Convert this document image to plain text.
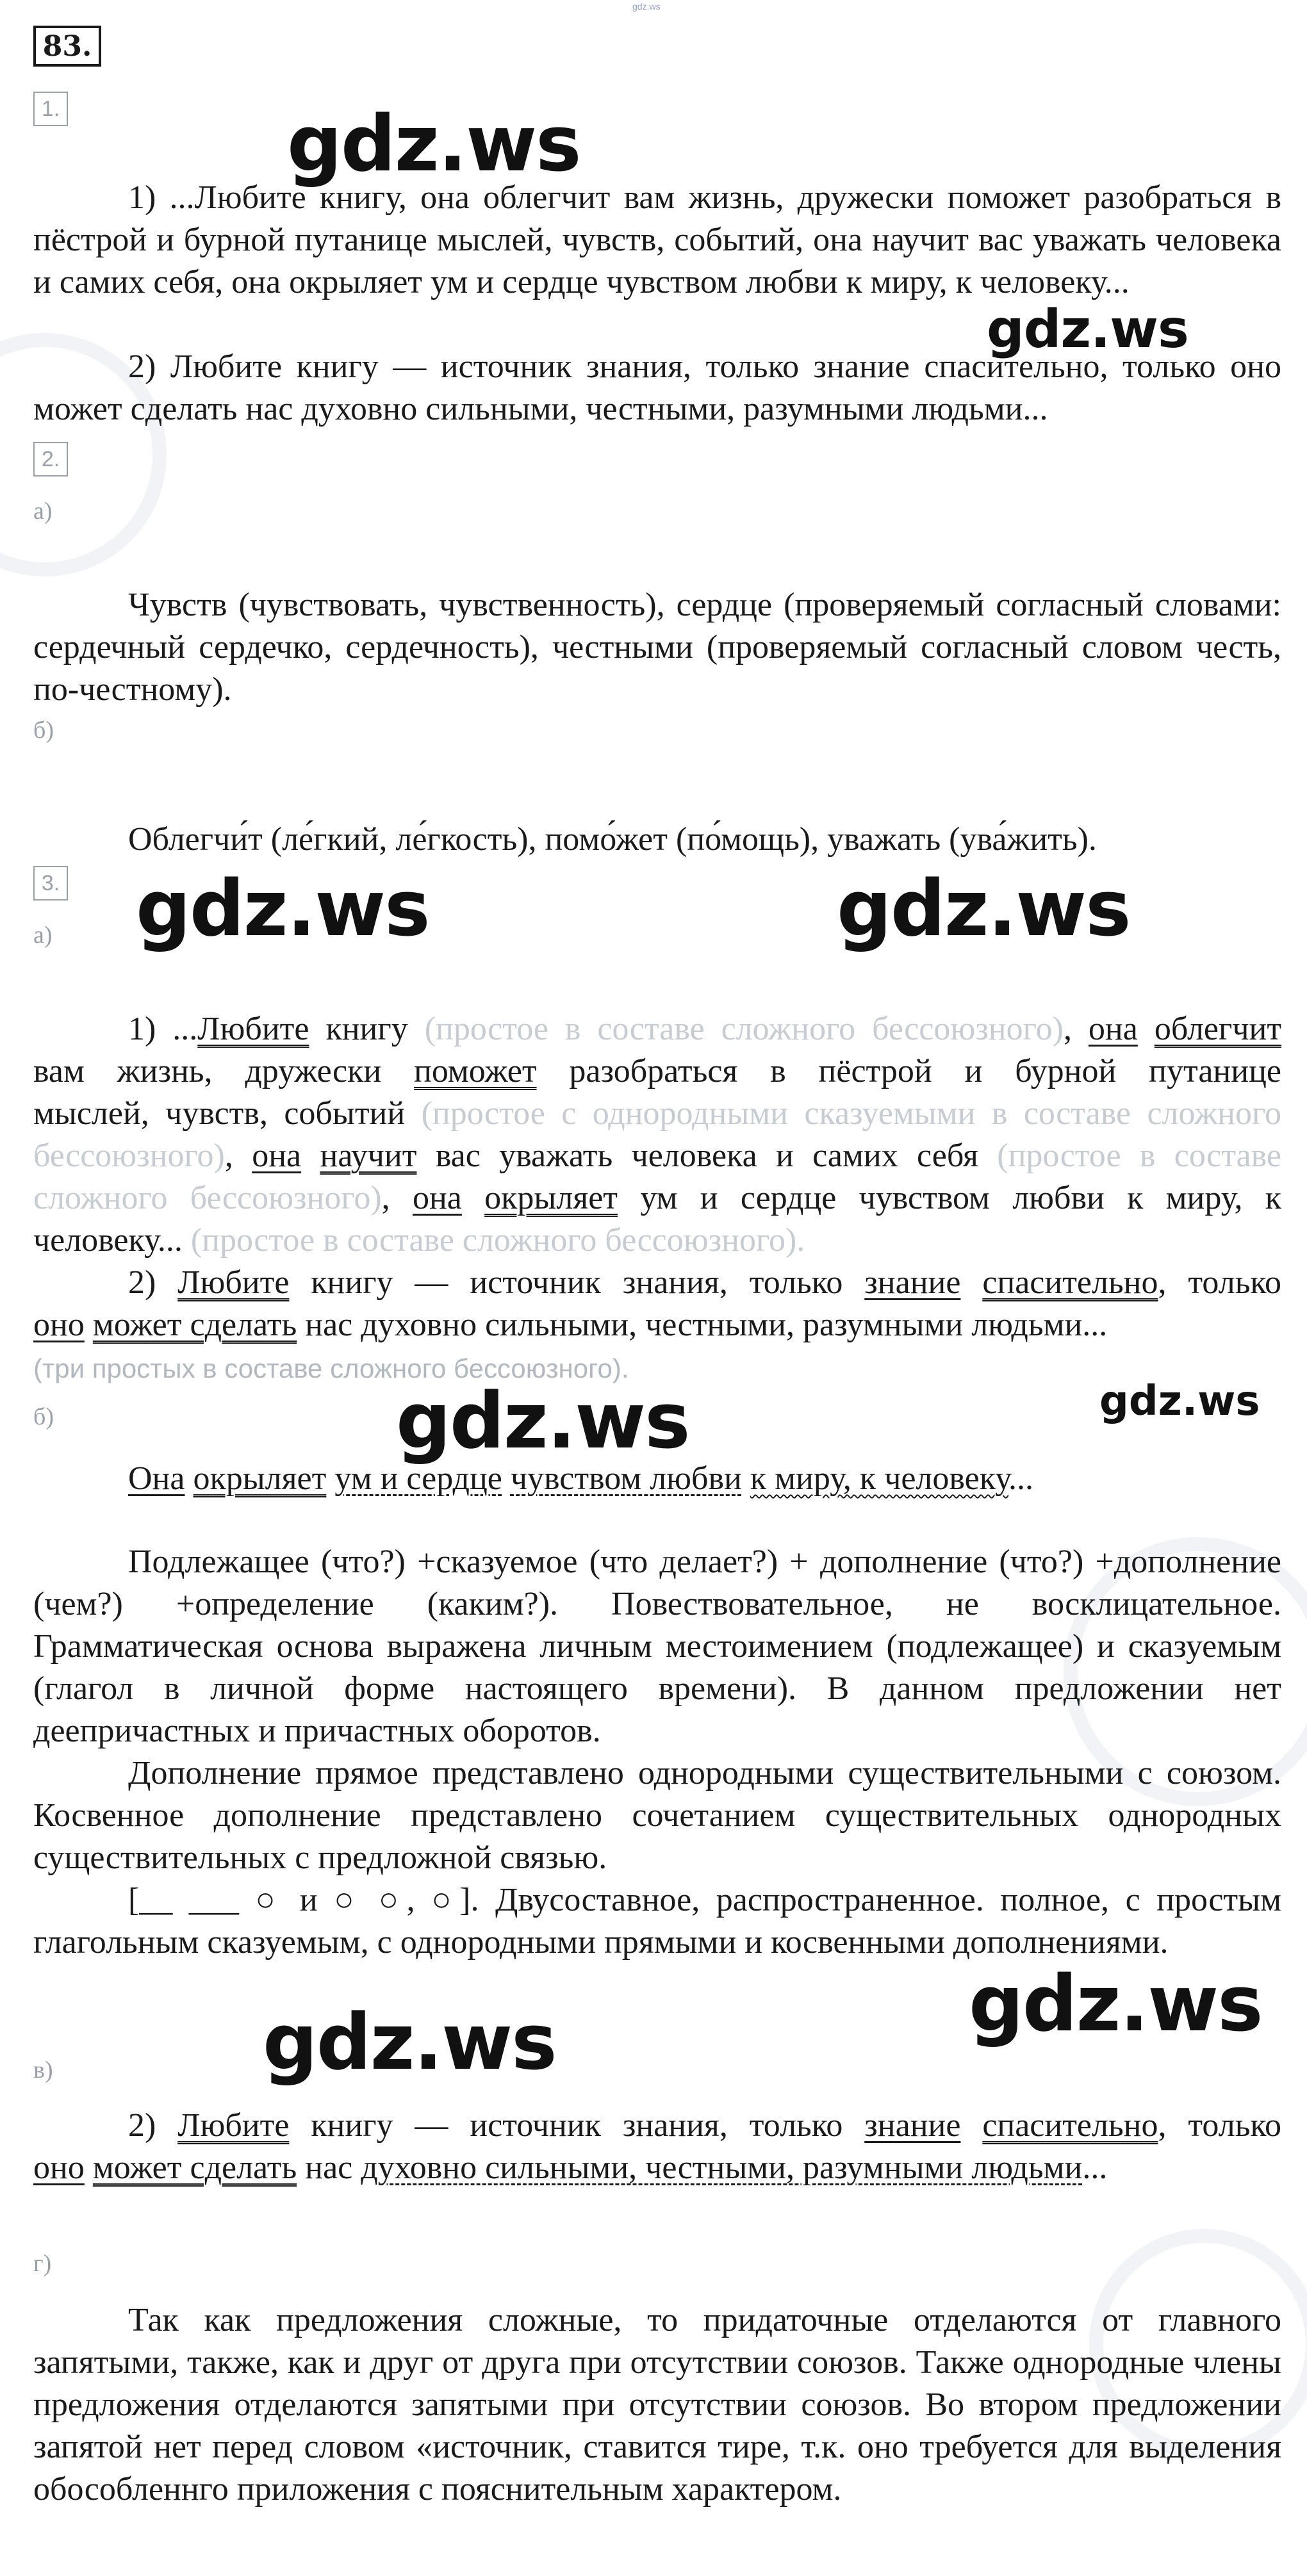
gdz.ws
83.
1.	gdz.ws

1) ...Любите книгу, она облегчит вам жизнь, дружески поможет разобраться в пёстрой и бурной путанице мыслей, чувств, событий, она научит вас уважать человека и самих себя, она окрыляет ум и сердце чувством любви к миру, к человеку...

gdz.ws

2) Любите книгу — источник знания, только знание спасительно, только оно может сделать нас духовно сильными, честными, разумными людьми...

2.
а)

Чувств (чувствовать, чувственность), сердце (проверяемый согласный словами: сердечный сердечко, сердечность), честными (проверяемый согласный словом честь, по-честному).

б)

Облегчи́т (ле́гкий, ле́гкость), помо́жет (по́мощь), уважать (ува́жить).

3. gdz.ws	gdz.ws
а)
1) ...Любите книгу (простое в составе сложного бессоюзного), она облегчит
вам жизнь, дружески поможет разобраться в пёстрой и бурной путанице
мыслей, чувств, событий (простое с однородными сказуемыми в составе сложного
бессоюзного), она научит вас уважать человека и самих себя (простое в составе
сложного бессоюзного), она окрыляет ум и сердце чувством любви к миру, к
человеку... (простое в составе сложного бессоюзного).
2) Любите книгу — источник знания, только знание спасительно, только
оно может сделать нас духовно сильными, честными, разумными людьми...
(три простых в составе сложного бессоюзного).
б)	gdz.ws	gdz.ws
Она окрыляет ум и сердце чувством любви к миру, к человеку...

Подлежащее (что?) +сказуемое (что делает?) + дополнение (что?) +дополнение (чем?) +определение (каким?). Повествовательное, не восклицательное. Грамматическая основа выражена личным местоимением (подлежащее) и сказуемым (глагол в личной форме настоящего времени). В данном предложении нет деепричастных и причастных оборотов.

Дополнение прямое представлено однородными существительными с союзом. Косвенное дополнение представлено сочетанием существительных однородных существительных с предложной связью.

[__ ___ ○ и ○ ○, ○]. Двусоставное, распространенное. полное, с простым глагольным сказуемым, с однородными прямыми и косвенными дополнениями.

gdz.ws
gdz.ws
в)
2) Любите книгу — источник знания, только знание спасительно, только
оно может сделать нас духовно сильными, честными, разумными людьми...
г)

Так как предложения сложные, то придаточные отделаются от главного запятыми, также, как и друг от друга при отсутствии союзов. Также однородные члены предложения отделаются запятыми при отсутствии союзов. Во втором предложении запятой нет перед словом «источник, ставится тире, т.к. оно требуется для выделения обособленнго приложения с пояснительным характером.
